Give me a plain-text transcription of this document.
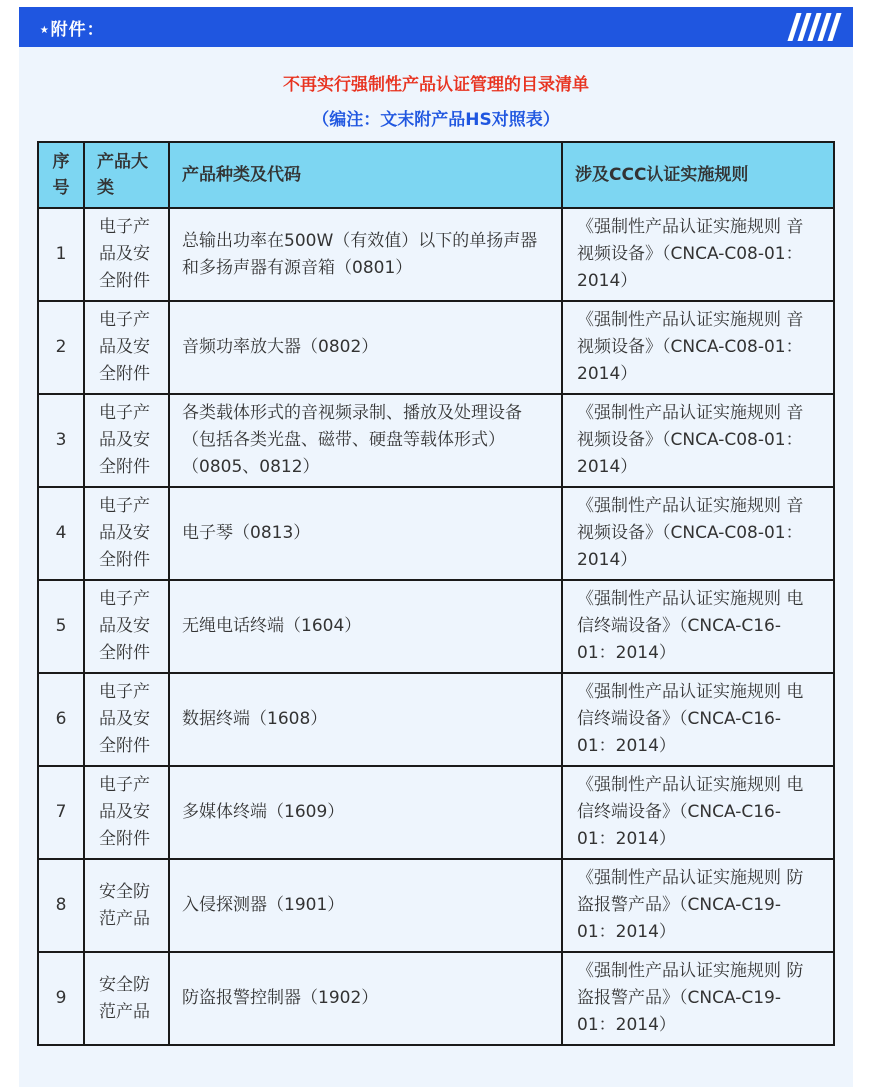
⋆附件：
不再实行强制性产品认证管理的目录清单
（编注：文末附产品HS对照表）
序号	产品大类	产品种类及代码	涉及CCC认证实施规则
1	电子产品及安全附件	总输出功率在500W（有效值）以下的单扬声器和多扬声器有源音箱（0801）	《强制性产品认证实施规则 音视频设备》（CNCA-C08-01：2014）
2	电子产品及安全附件	音频功率放大器（0802）	《强制性产品认证实施规则 音视频设备》（CNCA-C08-01：2014）
3	电子产品及安全附件	各类载体形式的音视频录制、播放及处理设备（包括各类光盘、磁带、硬盘等载体形式）（0805、0812）	《强制性产品认证实施规则 音视频设备》（CNCA-C08-01：2014）
4	电子产品及安全附件	电子琴（0813）	《强制性产品认证实施规则 音视频设备》（CNCA-C08-01：2014）
5	电子产品及安全附件	无绳电话终端（1604）	《强制性产品认证实施规则 电信终端设备》（CNCA-C16-01：2014）
6	电子产品及安全附件	数据终端（1608）	《强制性产品认证实施规则 电信终端设备》（CNCA-C16-01：2014）
7	电子产品及安全附件	多媒体终端（1609）	《强制性产品认证实施规则 电信终端设备》（CNCA-C16-01：2014）
8	安全防范产品	入侵探测器（1901）	《强制性产品认证实施规则 防盗报警产品》（CNCA-C19-01：2014）
9	安全防范产品	防盗报警控制器（1902）	《强制性产品认证实施规则 防盗报警产品》（CNCA-C19-01：2014）
